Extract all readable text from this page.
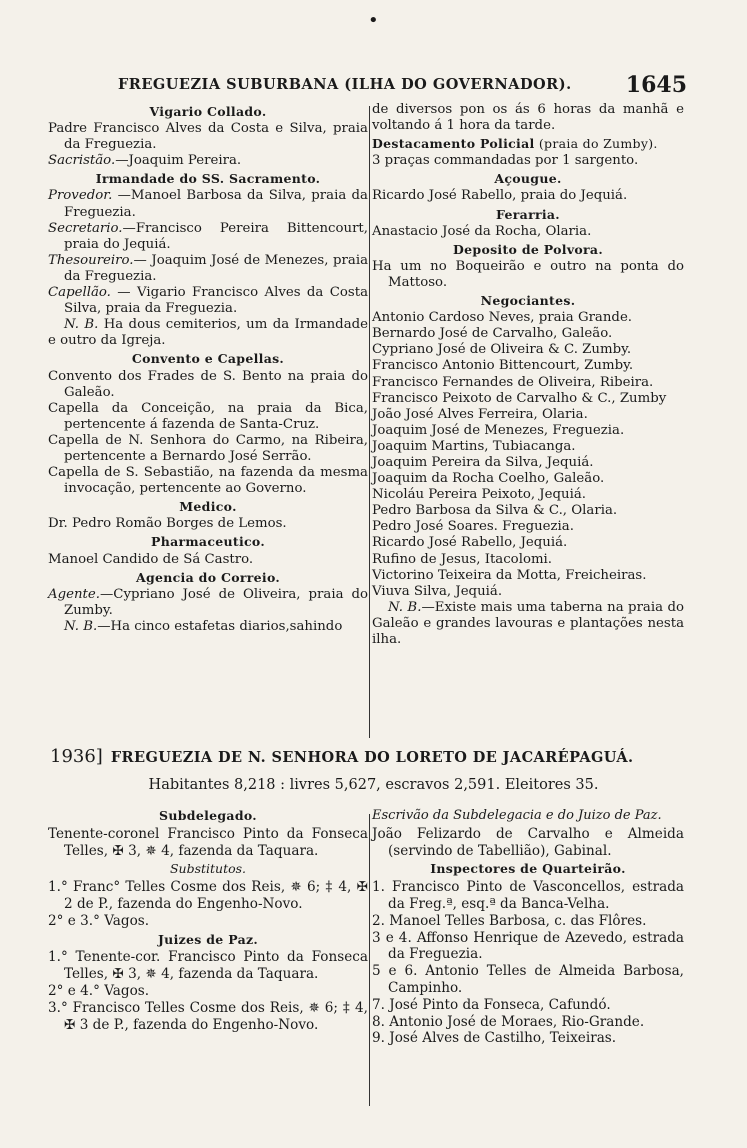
•
FREGUEZIA SUBURBANA (ILHA DO GOVERNADOR). 1645
Vigario Collado.

Padre Francisco Alves da Costa e Silva, praia da Freguezia.

Sacristão.—Joaquim Pereira.

Irmandade do SS. Sacramento.

Provedor. —Manoel Barbosa da Silva, praia da Freguezia.

Secretario.—Francisco Pereira Bittencourt, praia do Jequiá.

Thesoureiro.— Joaquim José de Menezes, praia da Freguezia.

Capellão. — Vigario Francisco Alves da Costa Silva, praia da Freguezia.

N. B. Ha dous cemiterios, um da Irmandade e outro da Igreja.

Convento e Capellas.

Convento dos Frades de S. Bento na praia do Galeão.

Capella da Conceição, na praia da Bica, pertencente á fazenda de Santa-Cruz.

Capella de N. Senhora do Carmo, na Ribeira, pertencente a Bernardo José Serrão.

Capella de S. Sebastião, na fazenda da mesma invocação, pertencente ao Governo.

Medico.

Dr. Pedro Romão Borges de Lemos.

Pharmaceutico.

Manoel Candido de Sá Castro.

Agencia do Correio.

Agente.—Cypriano José de Oliveira, praia do Zumby.

N. B.—Ha cinco estafetas diarios,sahindo

de diversos pon os ás 6 horas da manhã e voltando á 1 hora da tarde.

Destacamento Policial (praia do Zumby).

3 praças commandadas por 1 sargento.

Açougue.

Ricardo José Rabello, praia do Jequiá.

Ferarria.

Anastacio José da Rocha, Olaria.

Deposito de Polvora.

Ha um no Boqueirão e outro na ponta do Mattoso.

Negociantes.

Antonio Cardoso Neves, praia Grande.

Bernardo José de Carvalho, Galeão.

Cypriano José de Oliveira & C. Zumby.

Francisco Antonio Bittencourt, Zumby.

Francisco Fernandes de Oliveira, Ribeira.

Francisco Peixoto de Carvalho & C., Zumby

João José Alves Ferreira, Olaria.

Joaquim José de Menezes, Freguezia.

Joaquim Martins, Tubiacanga.

Joaquim Pereira da Silva, Jequiá.

Joaquim da Rocha Coelho, Galeão.

Nicoláu Pereira Peixoto, Jequiá.

Pedro Barbosa da Silva & C., Olaria.

Pedro José Soares. Freguezia.

Ricardo José Rabello, Jequiá.

Rufino de Jesus, Itacolomi.

Victorino Teixeira da Motta, Freicheiras.

Viuva Silva, Jequiá.

N. B.—Existe mais uma taberna na praia do Galeão e grandes lavouras e plantações nesta ilha.

1936] FREGUEZIA DE N. SENHORA DO LORETO DE JACARÉPAGUÁ.
Habitantes 8,218 : livres 5,627, escravos 2,591. Eleitores 35.
Subdelegado.

Tenente-coronel Francisco Pinto da Fonseca Telles, ✠ 3, ✵ 4, fazenda da Taquara.

Substitutos.

1.° Franc° Telles Cosme dos Reis, ✵ 6; ‡ 4, ✠ 2 de P., fazenda do Engenho-Novo.

2° e 3.° Vagos.

Juizes de Paz.

1.° Tenente-cor. Francisco Pinto da Fonseca Telles, ✠ 3, ✵ 4, fazenda da Taquara.

2° e 4.° Vagos.

3.° Francisco Telles Cosme dos Reis, ✵ 6; ‡ 4, ✠ 3 de P., fazenda do Engenho-Novo.

Escrivão da Subdelegacia e do Juizo de Paz.

João Felizardo de Carvalho e Almeida (servindo de Tabellião), Gabinal.

Inspectores de Quarteirão.

1. Francisco Pinto de Vasconcellos, estrada da Freg.ª, esq.ª da Banca-Velha.

2. Manoel Telles Barbosa, c. das Flôres.

3 e 4. Affonso Henrique de Azevedo, estrada da Freguezia.

5 e 6. Antonio Telles de Almeida Barbosa, Campinho.

7. José Pinto da Fonseca, Cafundó.

8. Antonio José de Moraes, Rio-Grande.

9. José Alves de Castilho, Teixeiras.
